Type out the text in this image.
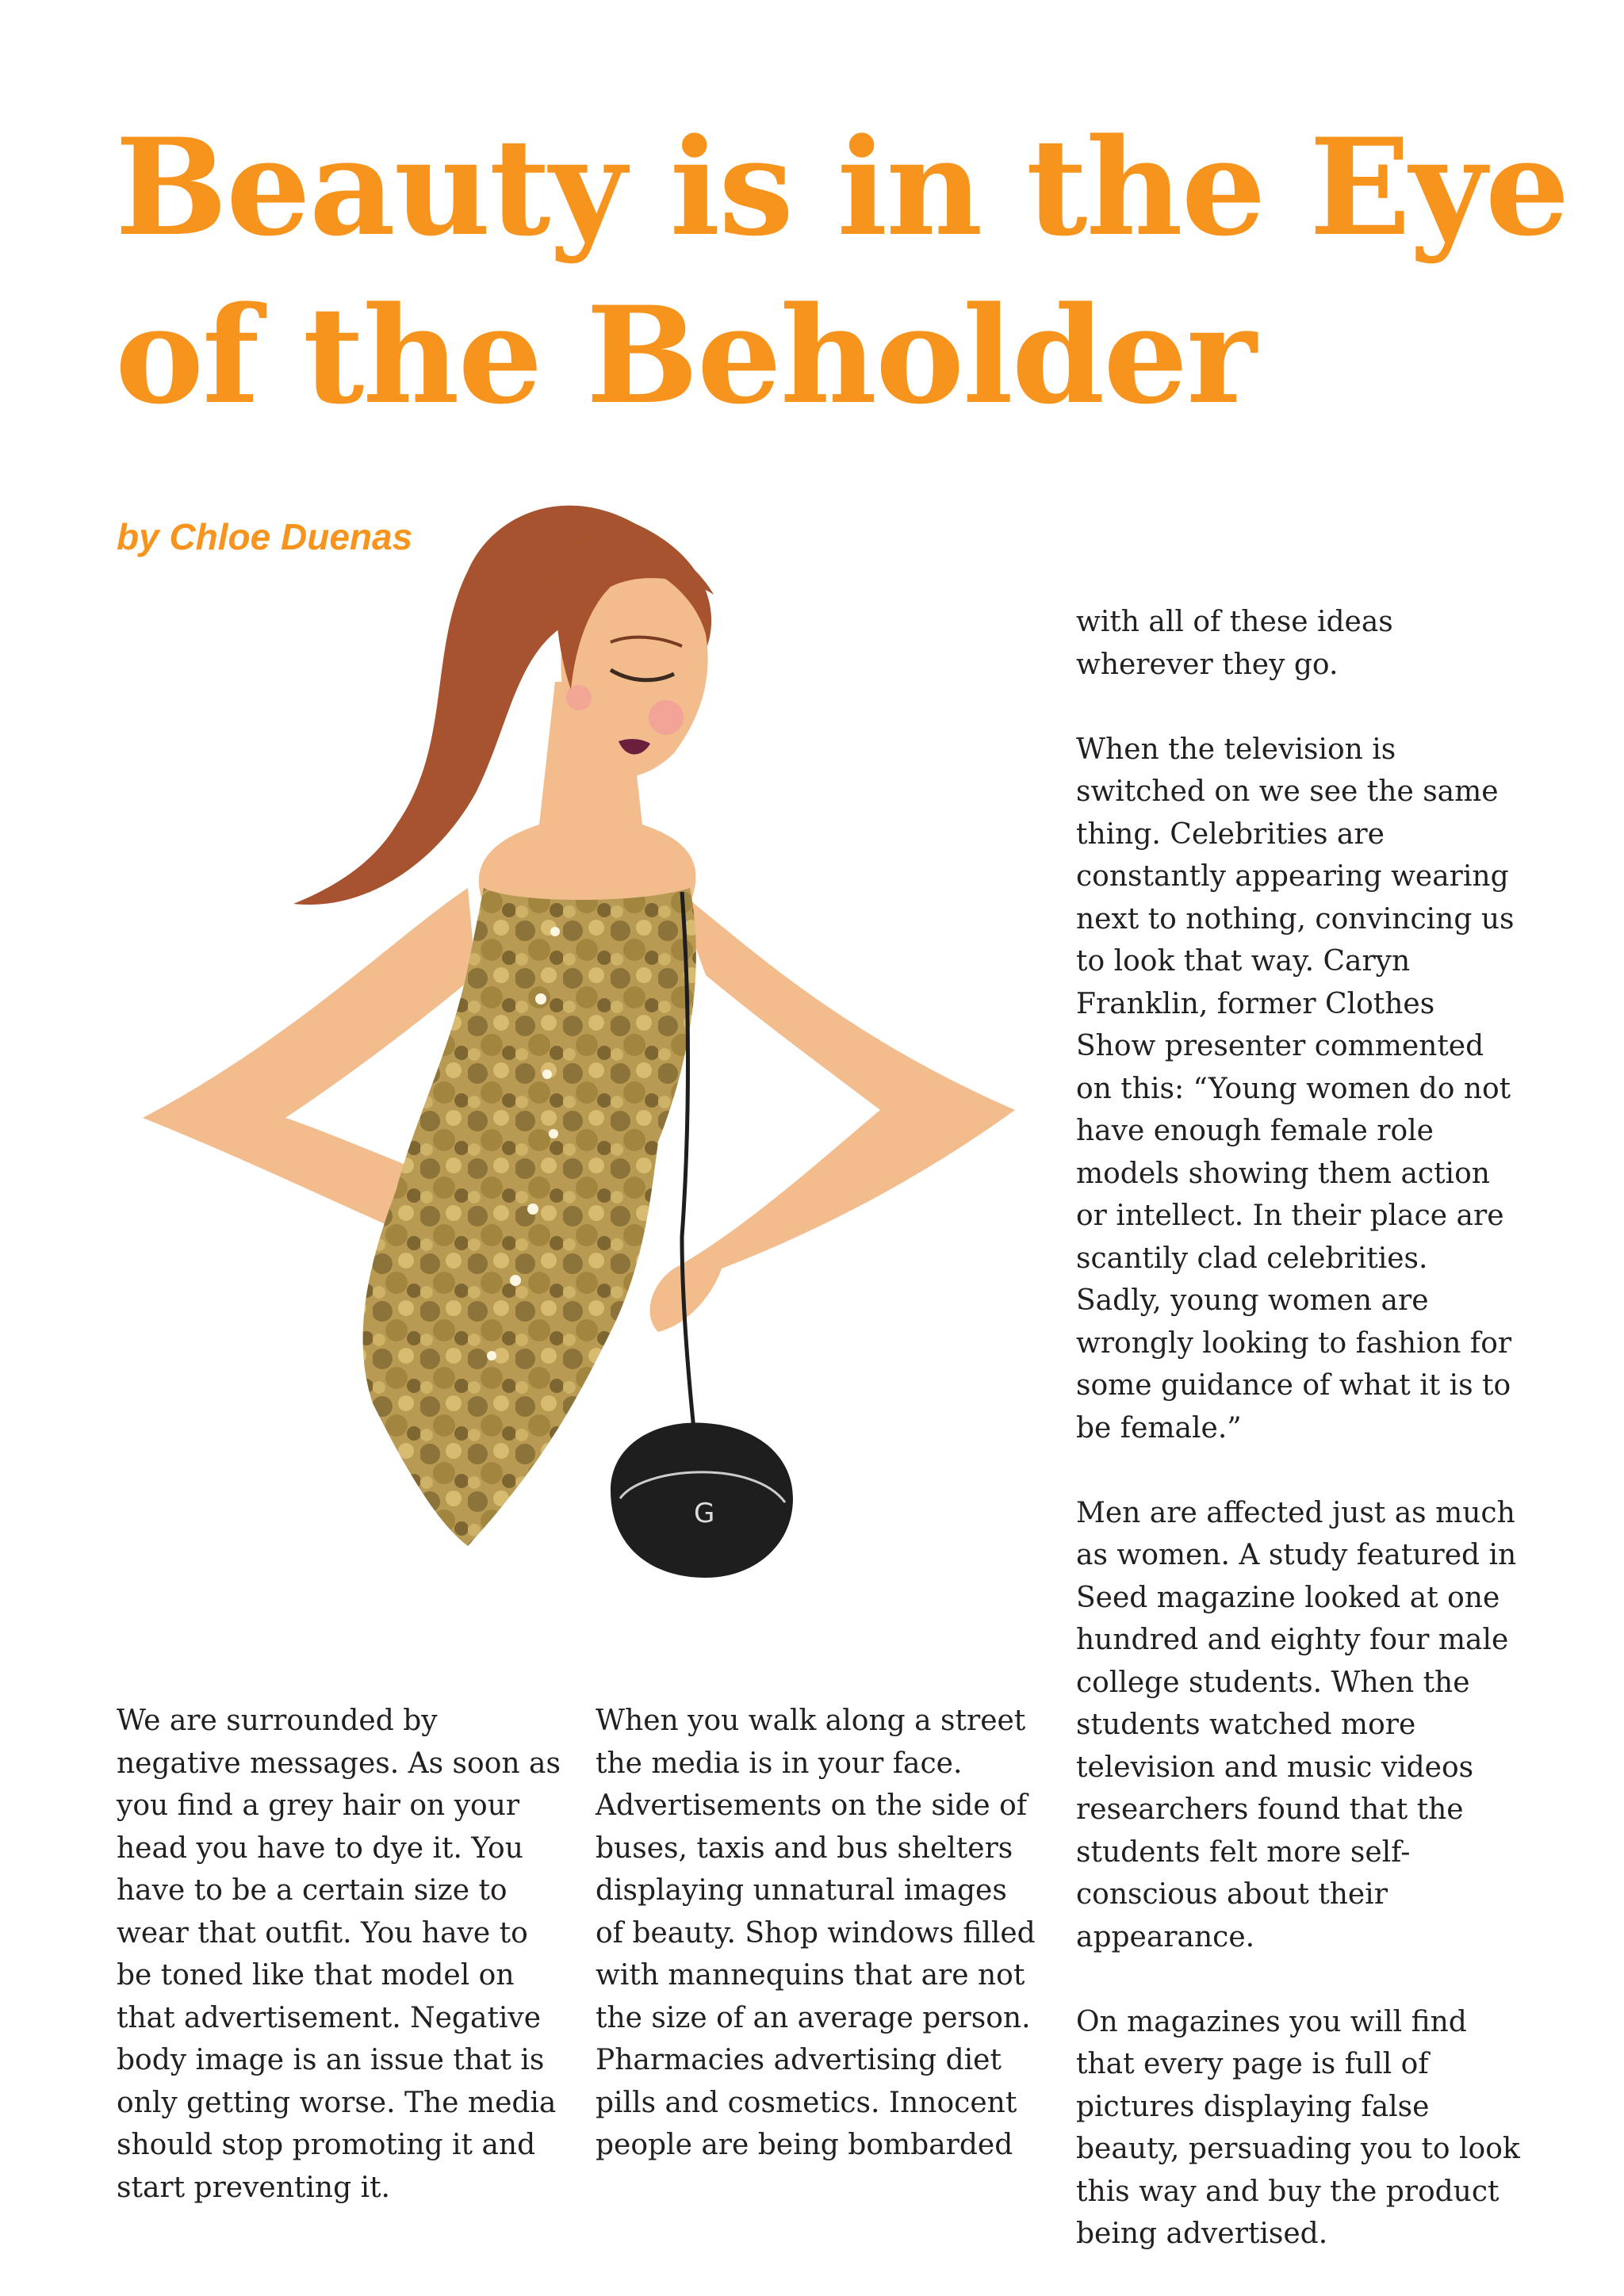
Beauty is in the Eye of the Beholder

by Chloe Duenas

G

We are surrounded by negative messages. As soon as you find a grey hair on your head you have to dye it. You have to be a certain size to wear that outfit. You have to be toned like that model on that advertisement. Negative body image is an issue that is only getting worse. The media should stop promoting it and start preventing it.

When you walk along a street the media is in your face. Advertisements on the side of buses, taxis and bus shelters displaying unnatural images of beauty. Shop windows filled with mannequins that are not the size of an average person. Pharmacies advertising diet pills and cosmetics. Innocent people are being bombarded

with all of these ideas wherever they go.

When the television is switched on we see the same thing. Celebrities are constantly appearing wearing next to nothing, convincing us to look that way. Caryn Franklin, former Clothes Show presenter commented on this: “Young women do not have enough female role models showing them action or intellect. In their place are scantily clad celebrities. Sadly, young women are wrongly looking to fashion for some guidance of what it is to be female.”

Men are affected just as much as women. A study featured in Seed magazine looked at one hundred and eighty four male college students. When the students watched more television and music videos researchers found that the students felt more self-conscious about their appearance.

On magazines you will find that every page is full of pictures displaying false beauty, persuading you to look this way and buy the product being advertised.
